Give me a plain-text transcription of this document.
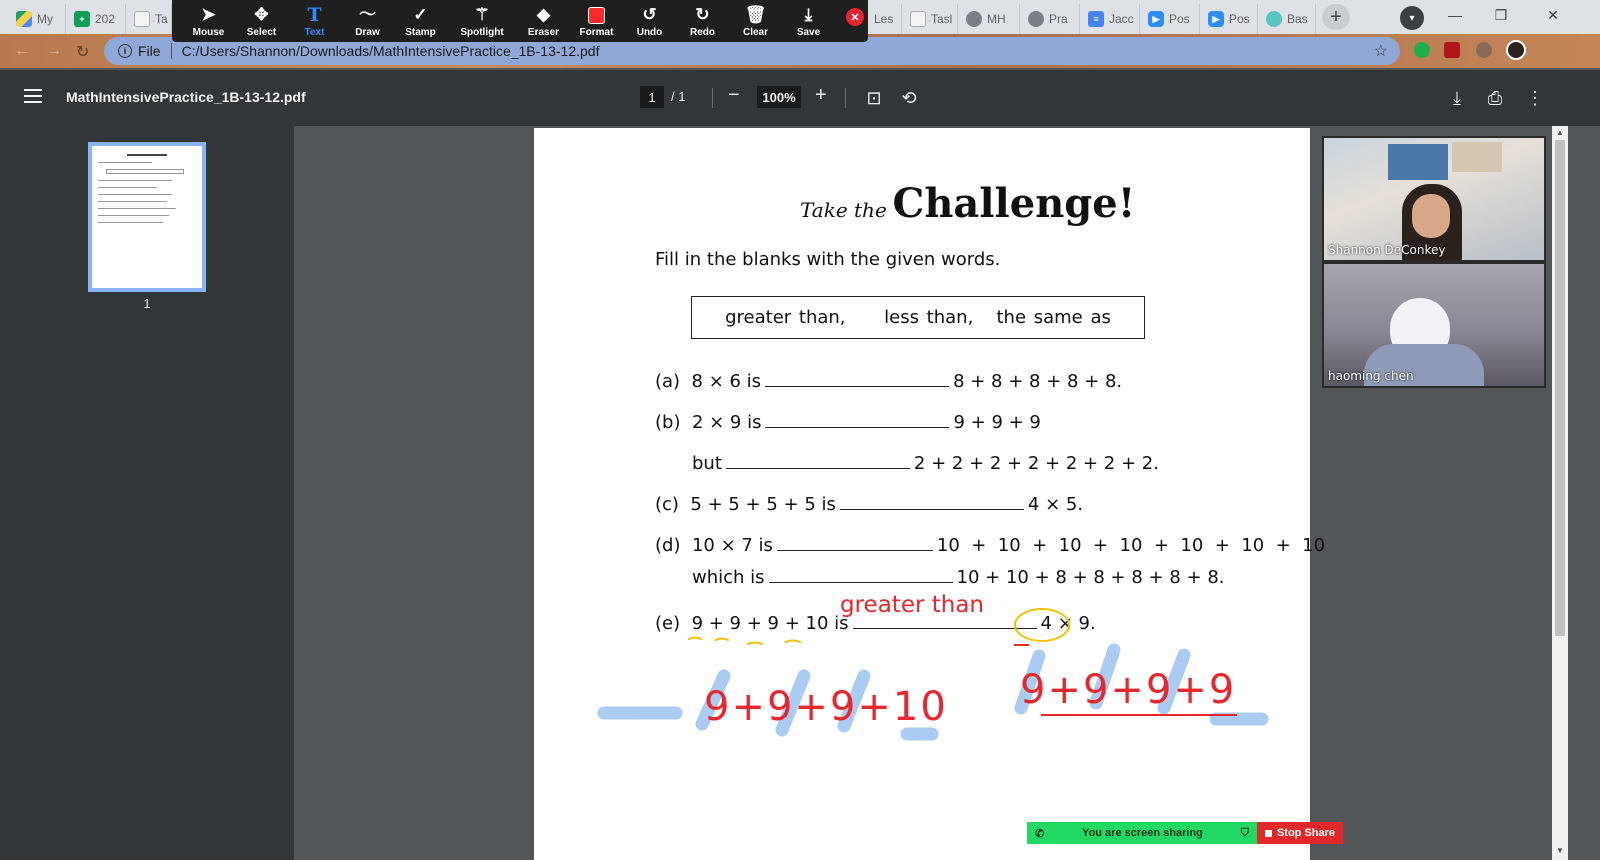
My	+ 202	Ta	Les	Tasl	MH	Pra	≡ Jacc	▶ Pos	▶ Pos	Bas	+	▾	—	❐	✕
← → ↻	i File C:/Users/Shannon/Downloads/MathIntensivePractice_1B-13-12.pdf	☆
➤
Mouse
✥
Select
T
Text
〜
Draw
✓
Stamp
⚚
Spotlight
◆
Eraser Format
↺
Undo
↻
Redo
🗑
Clear
⤓
Save
✕
MathIntensivePractice_1B-13-12.pdf	1	/ 1 −	100% + ⊡ ⟲	⤓	⎙ ⋮
1
Take the Challenge!
Fill in the blanks with the given words.
greater than,     less than,   the same as
(a) 8 × 6 is	8 + 8 + 8 + 8 + 8.
(b) 2 × 9 is	9 + 9 + 9
but	2 + 2 + 2 + 2 + 2 + 2 + 2.
(c) 5 + 5 + 5 + 5 is	4 × 5.
(d) 10 × 7 is	10  +  10  +  10  +  10  +  10  +  10  +  10
which is	10 + 10 + 8 + 8 + 8 + 8 + 8.
(e) 9 + 9 + 9 + 10 is	4 × 9.
greater than
9+9+9+10 9+9+9+9
Shannon DeConkey
haoming chen
▲
▼
✆	You are screen sharing	⛉	Stop Share
